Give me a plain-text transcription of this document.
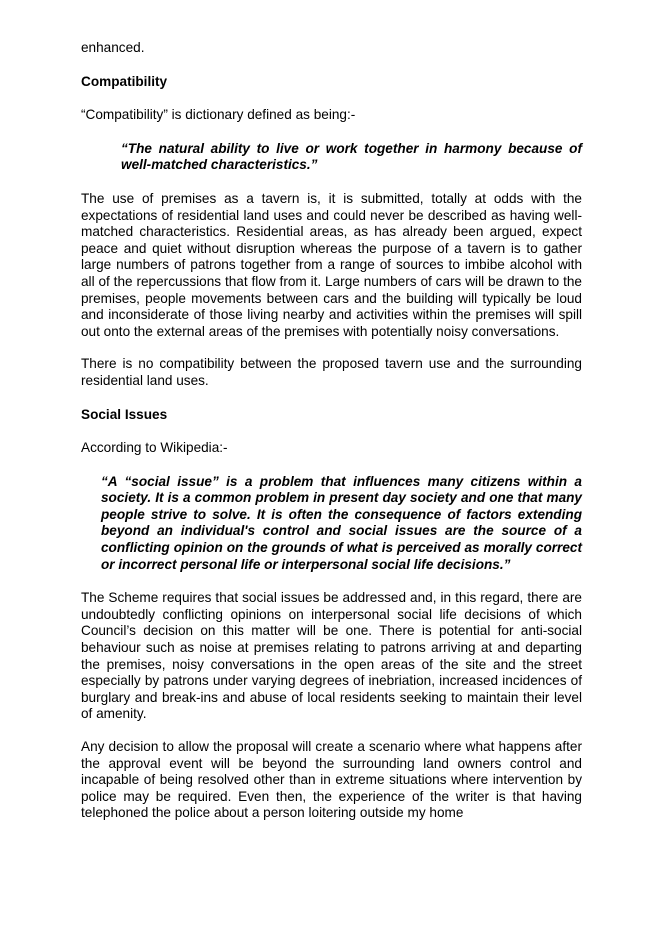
enhanced.

Compatibility

“Compatibility” is dictionary defined as being:-

“The natural ability to live or work together in harmony because of well-matched characteristics.”

The use of premises as a tavern is, it is submitted, totally at odds with the expectations of residential land uses and could never be described as having well-matched characteristics. Residential areas, as has already been argued, expect peace and quiet without disruption whereas the purpose of a tavern is to gather large numbers of patrons together from a range of sources to imbibe alcohol with all of the repercussions that flow from it. Large numbers of cars will be drawn to the premises, people movements between cars and the building will typically be loud and inconsiderate of those living nearby and activities within the premises will spill out onto the external areas of the premises with potentially noisy conversations.

There is no compatibility between the proposed tavern use and the surrounding residential land uses.

Social Issues

According to Wikipedia:-

“A “social issue” is a problem that influences many citizens within a society. It is a common problem in present day society and one that many people strive to solve. It is often the consequence of factors extending beyond an individual's control and social issues are the source of a conflicting opinion on the grounds of what is perceived as morally correct or incorrect personal life or interpersonal social life decisions.”

The Scheme requires that social issues be addressed and, in this regard, there are undoubtedly conflicting opinions on interpersonal social life decisions of which Council’s decision on this matter will be one. There is potential for anti-social behaviour such as noise at premises relating to patrons arriving at and departing the premises, noisy conversations in the open areas of the site and the street especially by patrons under varying degrees of inebriation, increased incidences of burglary and break-ins and abuse of local residents seeking to maintain their level of amenity.

Any decision to allow the proposal will create a scenario where what happens after the approval event will be beyond the surrounding land owners control and incapable of being resolved other than in extreme situations where intervention by police may be required. Even then, the experience of the writer is that having telephoned the police about a person loitering outside my home
